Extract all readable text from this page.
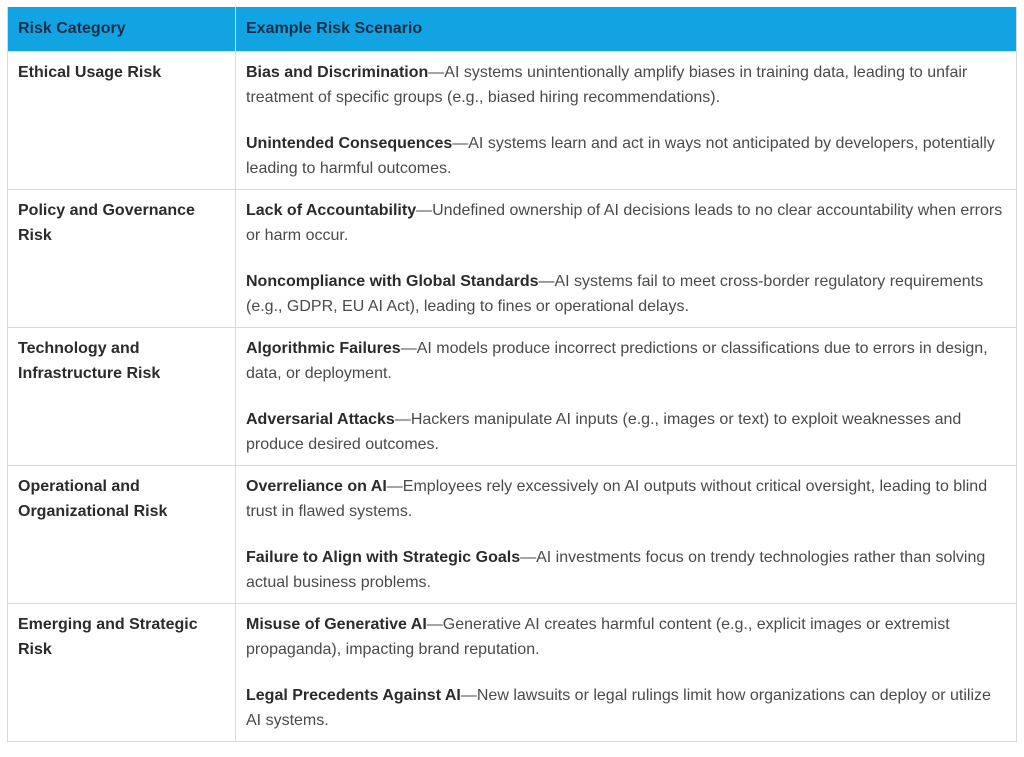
Risk Category	Example Risk Scenario
Ethical Usage Risk	Bias and Discrimination—AI systems unintentionally amplify biases in training data, leading to unfair treatment of specific groups (e.g., biased hiring recommendations).

Unintended Consequences—AI systems learn and act in ways not anticipated by developers, potentially leading to harmful outcomes.

Policy and Governance Risk	Lack of Accountability—Undefined ownership of AI decisions leads to no clear accountability when errors or harm occur.

Noncompliance with Global Standards—AI systems fail to meet cross-border regulatory requirements (e.g., GDPR, EU AI Act), leading to fines or operational delays.

Technology and Infrastructure Risk	Algorithmic Failures—AI models produce incorrect predictions or classifications due to errors in design, data, or deployment.

Adversarial Attacks—Hackers manipulate AI inputs (e.g., images or text) to exploit weaknesses and produce desired outcomes.

Operational and Organizational Risk	Overreliance on AI—Employees rely excessively on AI outputs without critical oversight, leading to blind trust in flawed systems.

Failure to Align with Strategic Goals—AI investments focus on trendy technologies rather than solving actual business problems.

Emerging and Strategic Risk	Misuse of Generative AI—Generative AI creates harmful content (e.g., explicit images or extremist propaganda), impacting brand reputation.

Legal Precedents Against AI—New lawsuits or legal rulings limit how organizations can deploy or utilize AI systems.
